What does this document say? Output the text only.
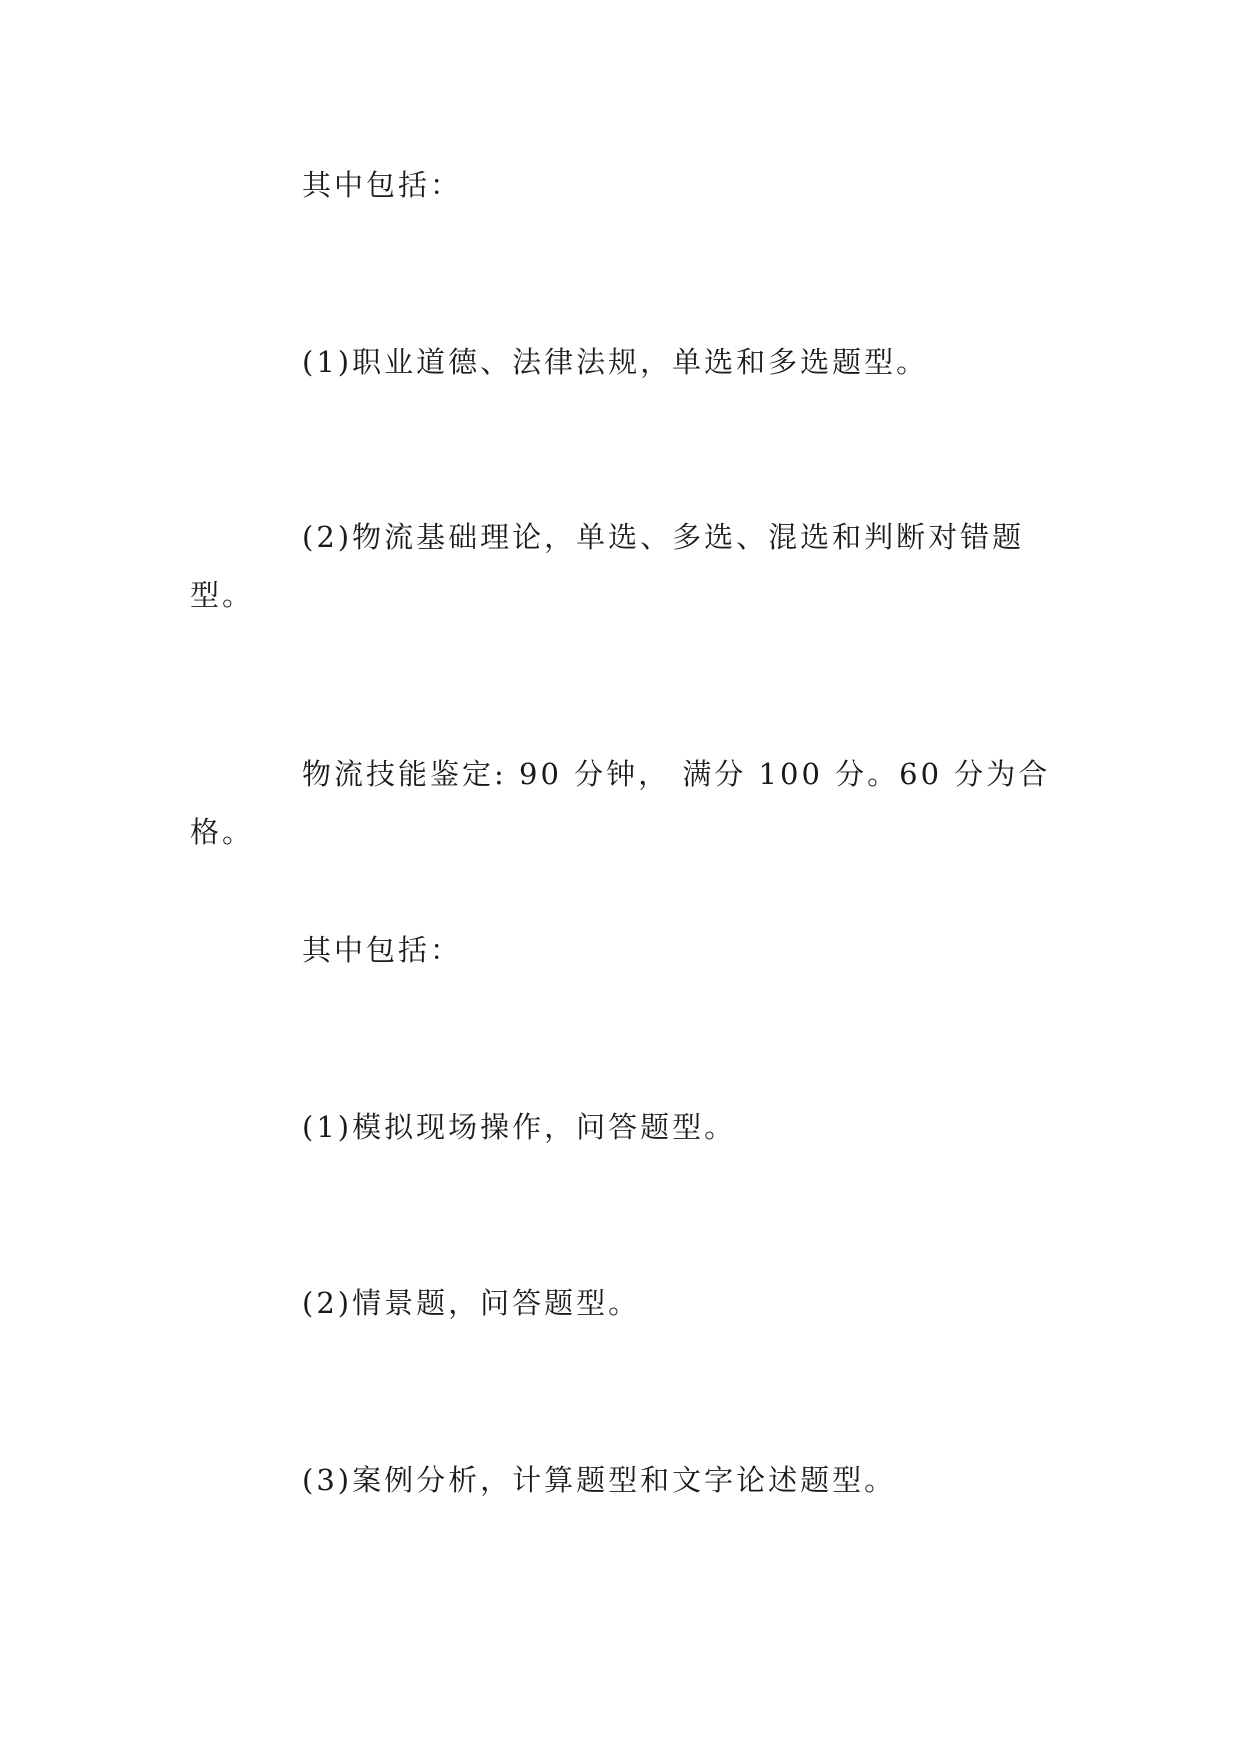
其中包括：

(1)职业道德、法律法规，单选和多选题型。

(2)物流基础理论，单选、多选、混选和判断对错题型。

物流技能鉴定: 90 分钟， 满分 100 分。60 分为合格。

其中包括：

(1)模拟现场操作，问答题型。

(2)情景题，问答题型。

(3)案例分析，计算题型和文字论述题型。
